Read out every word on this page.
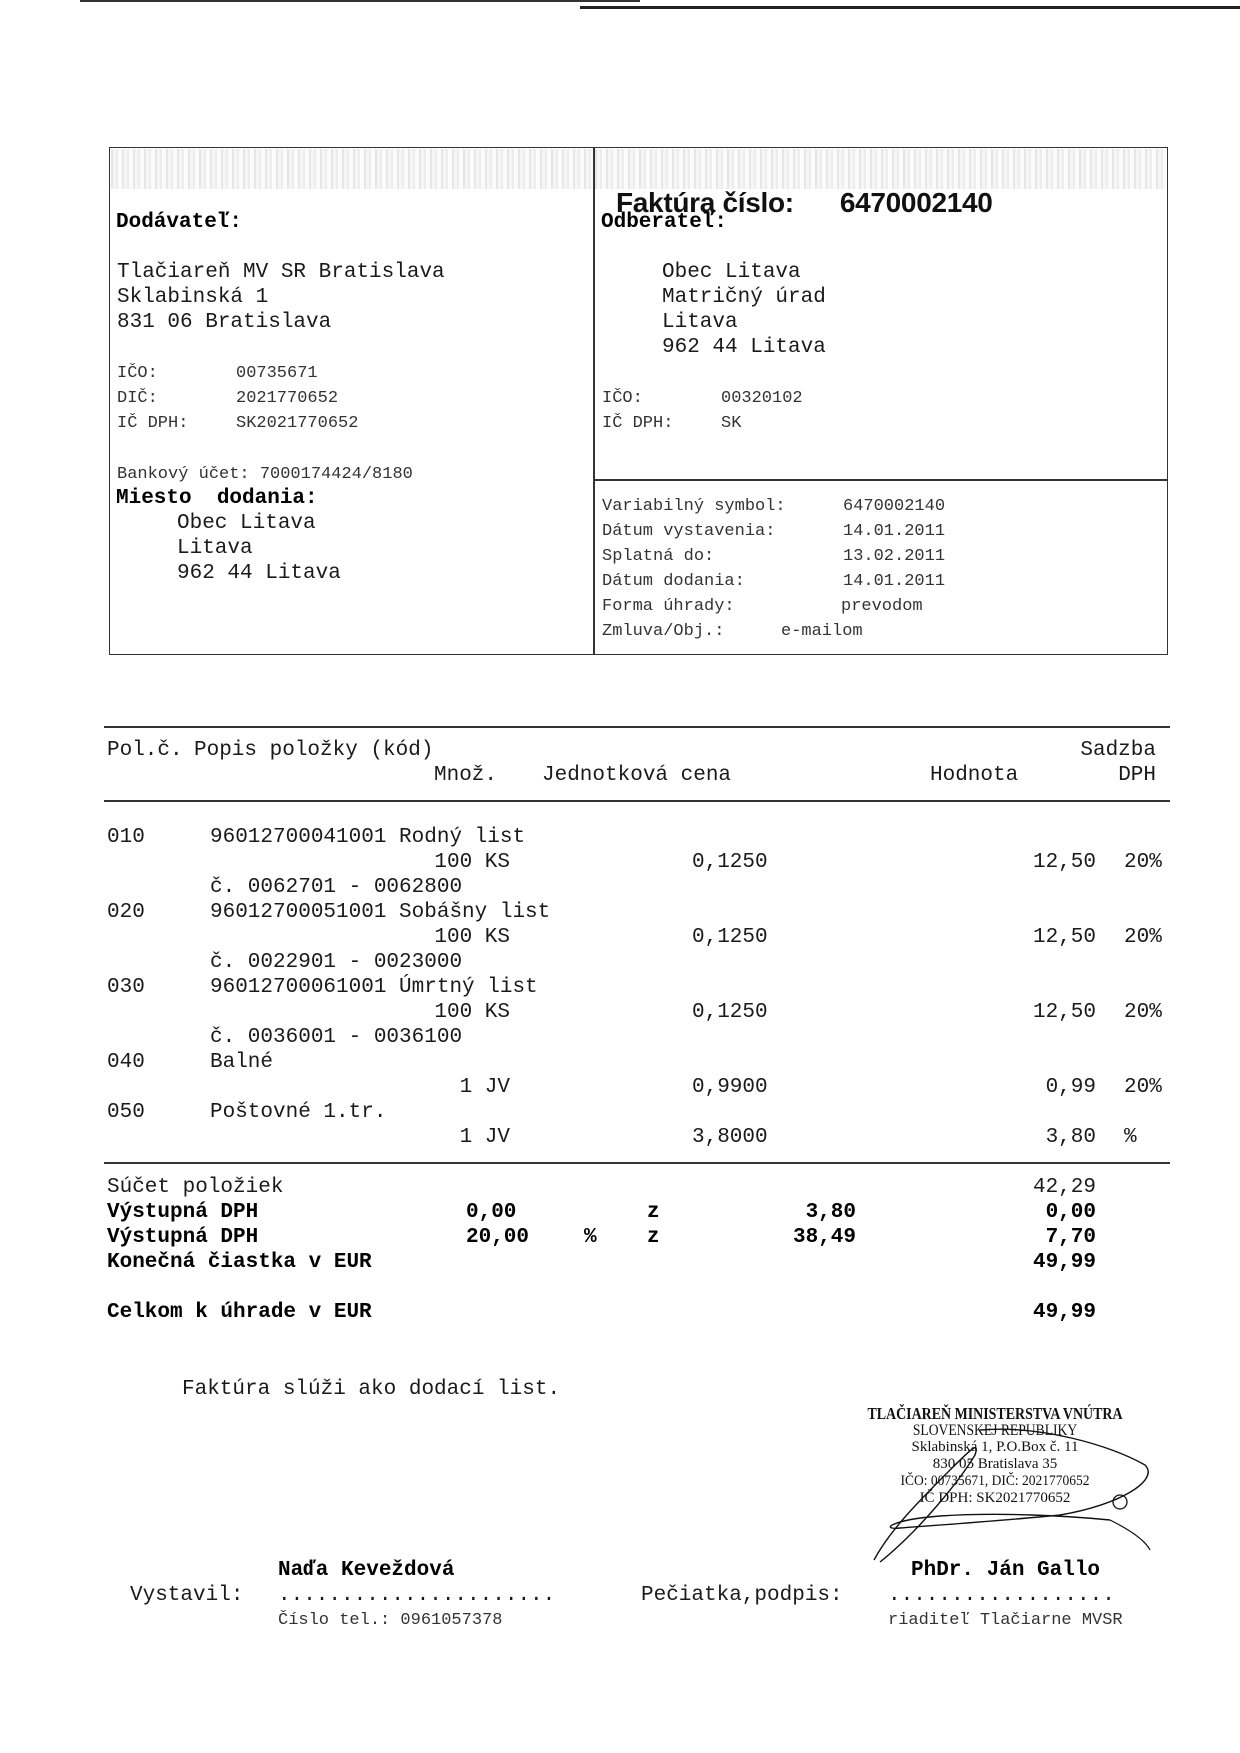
Faktúra číslo: 6470002140

Dodávateľ:
Tlačiareň MV SR Bratislava
Sklabinská 1
831 06 Bratislava
IČO:	00735671
DIČ:	2021770652
IČ DPH:	SK2021770652
Bankový účet: 7000174424/8180
Miesto  dodania:
Obec Litava
Litava
962 44 Litava
Odberateľ:
Obec Litava
Matričný úrad
Litava
962 44 Litava
IČO:	00320102
IČ DPH:	SK
Variabilný symbol:	6470002140
Dátum vystavenia:	14.01.2011
Splatná do:	13.02.2011
Dátum dodania:	14.01.2011
Forma úhrady:	prevodom
Zmluva/Obj.:	e-mailom
Pol.č. Popis položky (kód)	Sadzba
Množ. Jednotková cena	Hodnota	DPH
010	96012700041001 Rodný list
100 KS	0,1250	12,50 20%
č. 0062701 - 0062800
020	96012700051001 Sobášny list
100 KS	0,1250	12,50 20%
č. 0022901 - 0023000
030	96012700061001 Úmrtný list
100 KS	0,1250	12,50 20%
č. 0036001 - 0036100
040	Balné
1 JV	0,9900	0,99 20%
050	Poštovné 1.tr.
1 JV	3,8000	3,80 %
Súčet položiek	42,29
Výstupná DPH	0,00	z	3,80	0,00
Výstupná DPH	20,00	% z	38,49	7,70
Konečná čiastka v EUR	49,99
Celkom k úhrade v EUR	49,99
Faktúra slúži ako dodací list.
TLAČIAREŇ MINISTERSTVA VNÚTRA
SLOVENSKEJ REPUBLIKY
Sklabinská 1, P.O.Box č. 11
830 05 Bratislava 35
IČO: 00735671, DIČ: 2021770652
IČ DPH: SK2021770652
Naďa Keveždová	PhDr. Ján Gallo
Vystavil: ......................	Pečiatka,podpis: ..................
Číslo tel.: 0961057378	riaditeľ Tlačiarne MVSR
